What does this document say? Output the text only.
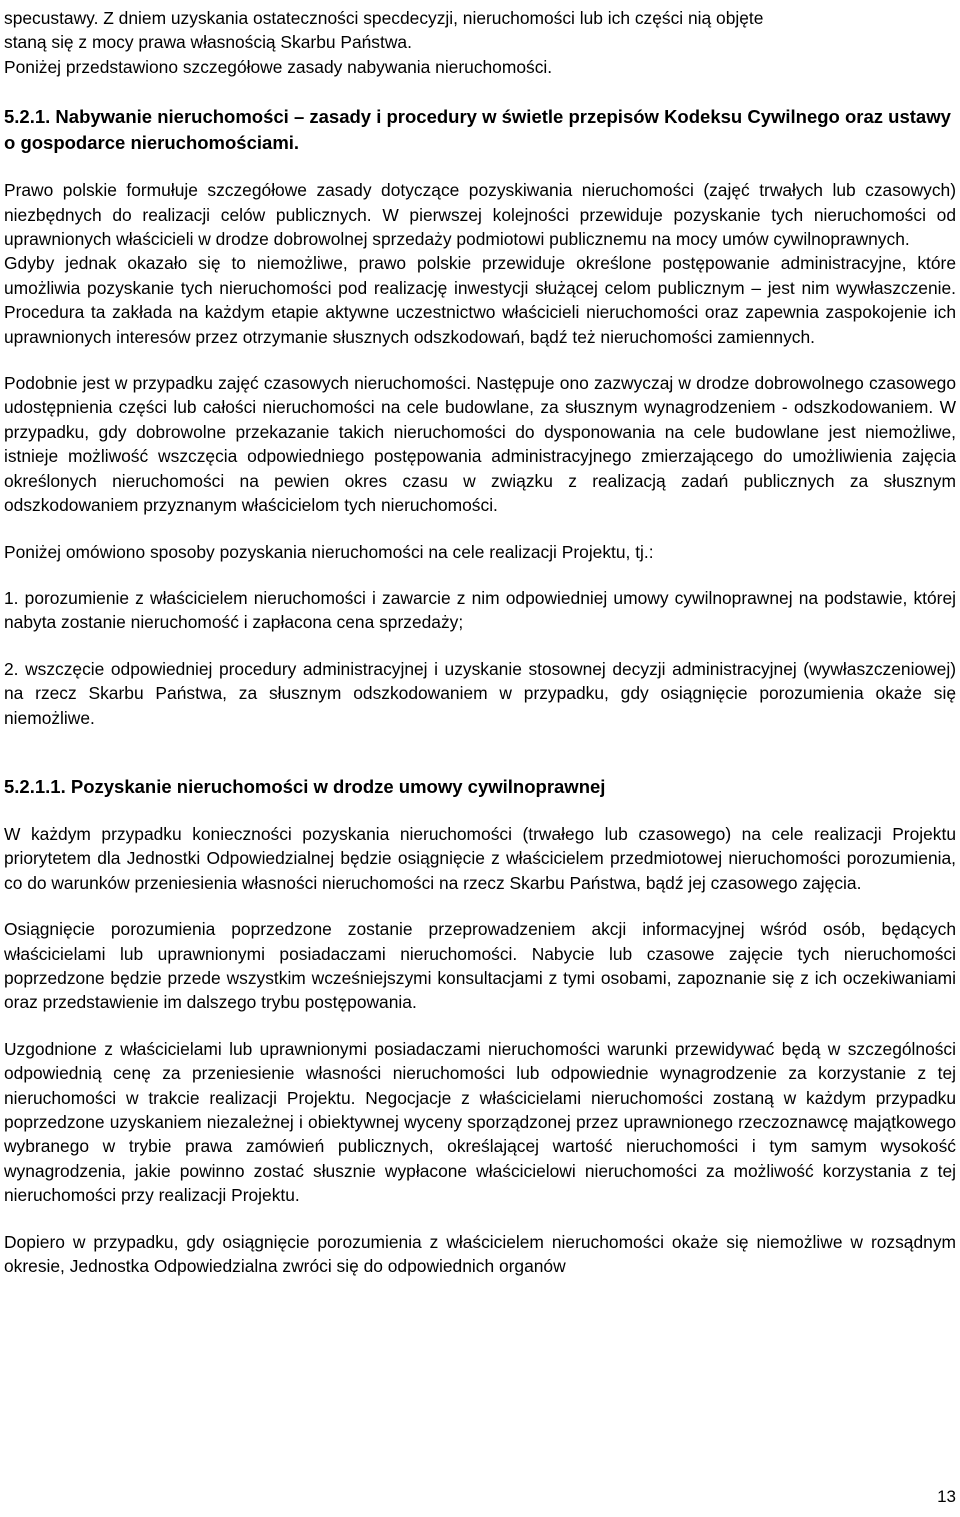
specustawy. Z dniem uzyskania ostateczności specdecyzji, nieruchomości lub ich części nią objęte
staną się z mocy prawa własnością Skarbu Państwa.
Poniżej przedstawiono szczegółowe zasady nabywania nieruchomości.

5.2.1. Nabywanie nieruchomości – zasady i procedury w świetle przepisów Kodeksu Cywilnego oraz ustawy o gospodarce nieruchomościami.

Prawo polskie formułuje szczegółowe zasady dotyczące pozyskiwania nieruchomości (zajęć trwałych lub czasowych) niezbędnych do realizacji celów publicznych. W pierwszej kolejności przewiduje pozyskanie tych nieruchomości od uprawnionych właścicieli w drodze dobrowolnej sprzedaży podmiotowi publicznemu na mocy umów cywilnoprawnych.

Gdyby jednak okazało się to niemożliwe, prawo polskie przewiduje określone postępowanie administracyjne, które umożliwia pozyskanie tych nieruchomości pod realizację inwestycji służącej celom publicznym – jest nim wywłaszczenie. Procedura ta zakłada na każdym etapie aktywne uczestnictwo właścicieli nieruchomości oraz zapewnia zaspokojenie ich uprawnionych interesów przez otrzymanie słusznych odszkodowań, bądź też nieruchomości zamiennych.

Podobnie jest w przypadku zajęć czasowych nieruchomości. Następuje ono zazwyczaj w drodze dobrowolnego czasowego udostępnienia części lub całości nieruchomości na cele budowlane, za słusznym wynagrodzeniem - odszkodowaniem. W przypadku, gdy dobrowolne przekazanie takich nieruchomości do dysponowania na cele budowlane jest niemożliwe, istnieje możliwość wszczęcia odpowiedniego postępowania administracyjnego zmierzającego do umożliwienia zajęcia określonych nieruchomości na pewien okres czasu w związku z realizacją zadań publicznych za słusznym odszkodowaniem przyznanym właścicielom tych nieruchomości.

Poniżej omówiono sposoby pozyskania nieruchomości na cele realizacji Projektu, tj.:

1. porozumienie z właścicielem nieruchomości i zawarcie z nim odpowiedniej umowy cywilnoprawnej na podstawie, której nabyta zostanie nieruchomość i zapłacona cena sprzedaży;

2. wszczęcie odpowiedniej procedury administracyjnej i uzyskanie stosownej decyzji administracyjnej (wywłaszczeniowej) na rzecz Skarbu Państwa, za słusznym odszkodowaniem w przypadku, gdy osiągnięcie porozumienia okaże się niemożliwe.

5.2.1.1. Pozyskanie nieruchomości w drodze umowy cywilnoprawnej

W każdym przypadku konieczności pozyskania nieruchomości (trwałego lub czasowego) na cele realizacji Projektu priorytetem dla Jednostki Odpowiedzialnej będzie osiągnięcie z właścicielem przedmiotowej nieruchomości porozumienia, co do warunków przeniesienia własności nieruchomości na rzecz Skarbu Państwa, bądź jej czasowego zajęcia.

Osiągnięcie porozumienia poprzedzone zostanie przeprowadzeniem akcji informacyjnej wśród osób, będących właścicielami lub uprawnionymi posiadaczami nieruchomości. Nabycie lub czasowe zajęcie tych nieruchomości poprzedzone będzie przede wszystkim wcześniejszymi konsultacjami z tymi osobami, zapoznanie się z ich oczekiwaniami oraz przedstawienie im dalszego trybu postępowania.

Uzgodnione z właścicielami lub uprawnionymi posiadaczami nieruchomości warunki przewidywać będą w szczególności odpowiednią cenę za przeniesienie własności nieruchomości lub odpowiednie wynagrodzenie za korzystanie z tej nieruchomości w trakcie realizacji Projektu. Negocjacje z właścicielami nieruchomości zostaną w każdym przypadku poprzedzone uzyskaniem niezależnej i obiektywnej wyceny sporządzonej przez uprawnionego rzeczoznawcę majątkowego wybranego w trybie prawa zamówień publicznych, określającej wartość nieruchomości i tym samym wysokość wynagrodzenia, jakie powinno zostać słusznie wypłacone właścicielowi nieruchomości za możliwość korzystania z tej nieruchomości przy realizacji Projektu.

Dopiero w przypadku, gdy osiągnięcie porozumienia z właścicielem nieruchomości okaże się niemożliwe w rozsądnym okresie, Jednostka Odpowiedzialna zwróci się do odpowiednich organów

13
